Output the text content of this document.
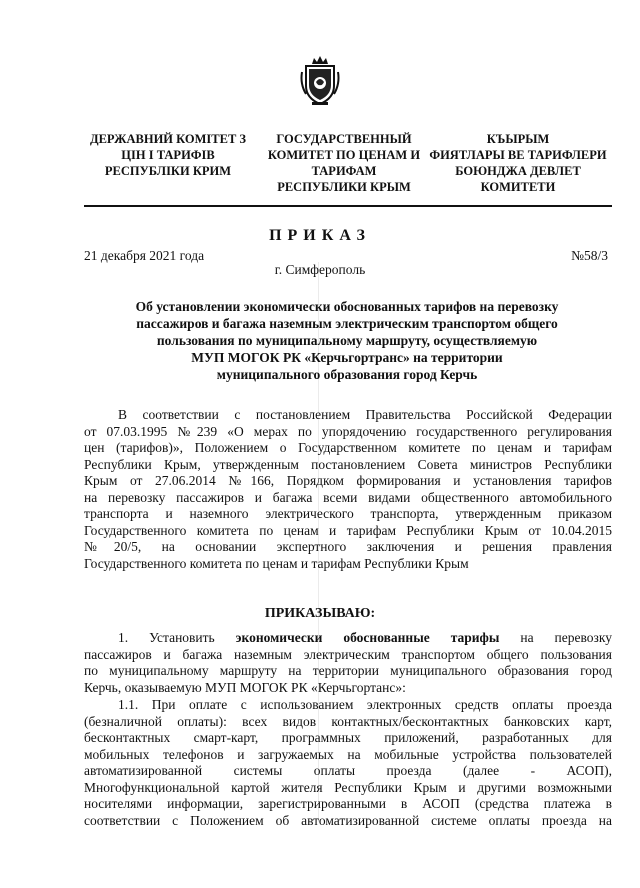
ДЕРЖАВНИЙ КОМІТЕТ З
ЦІН І ТАРИФІВ
РЕСПУБЛІКИ КРИМ
ГОСУДАРСТВЕННЫЙ
КОМИТЕТ ПО ЦЕНАМ И
ТАРИФАМ
РЕСПУБЛИКИ КРЫМ
КЪЫРЫМ
ФИЯТЛАРЫ ВЕ ТАРИФЛЕРИ
БОЮНДЖА ДЕВЛЕТ
КОМИТЕТИ
ПРИКАЗ
21 декабря 2021 года	№58/3
г. Симферополь
Об установлении экономически обоснованных тарифов на перевозку
пассажиров и багажа наземным электрическим транспортом общего
пользования по муниципальному маршруту, осуществляемую
МУП МОГОК РК «Керчьгортранс» на территории
муниципального образования город Керчь
В соответствии с постановлением Правительства Российской Федерации
от 07.03.1995 №239 «О мерах по упорядочению государственного регулирования
цен (тарифов)», Положением о Государственном комитете по ценам и тарифам
Республики Крым, утвержденным постановлением Совета министров Республики
Крым от 27.06.2014 №166, Порядком формирования и установления тарифов
на перевозку пассажиров и багажа всеми видами общественного автомобильного
транспорта и наземного электрического транспорта, утвержденным приказом
Государственного комитета по ценам и тарифам Республики Крым от 10.04.2015
№20/5, на основании экспертного заключения и решения правления
Государственного комитета по ценам и тарифам Республики Крым
ПРИКАЗЫВАЮ:
1. Установить экономически обоснованные тарифы на перевозку
пассажиров и багажа наземным электрическим транспортом общего пользования
по муниципальному маршруту на территории муниципального образования город
Керчь, оказываемую МУП МОГОК РК «Керчьгортанс»:
1.1. При оплате с использованием электронных средств оплаты проезда
(безналичной оплаты): всех видов контактных/бесконтактных банковских карт,
бесконтактных смарт-карт, программных приложений, разработанных для
мобильных телефонов и загружаемых на мобильные устройства пользователей
автоматизированной системы оплаты проезда (далее - АСОП),
Многофункциональной картой жителя Республики Крым и другими возможными
носителями информации, зарегистрированными в АСОП (средства платежа в
соответствии с Положением об автоматизированной системе оплаты проезда на
